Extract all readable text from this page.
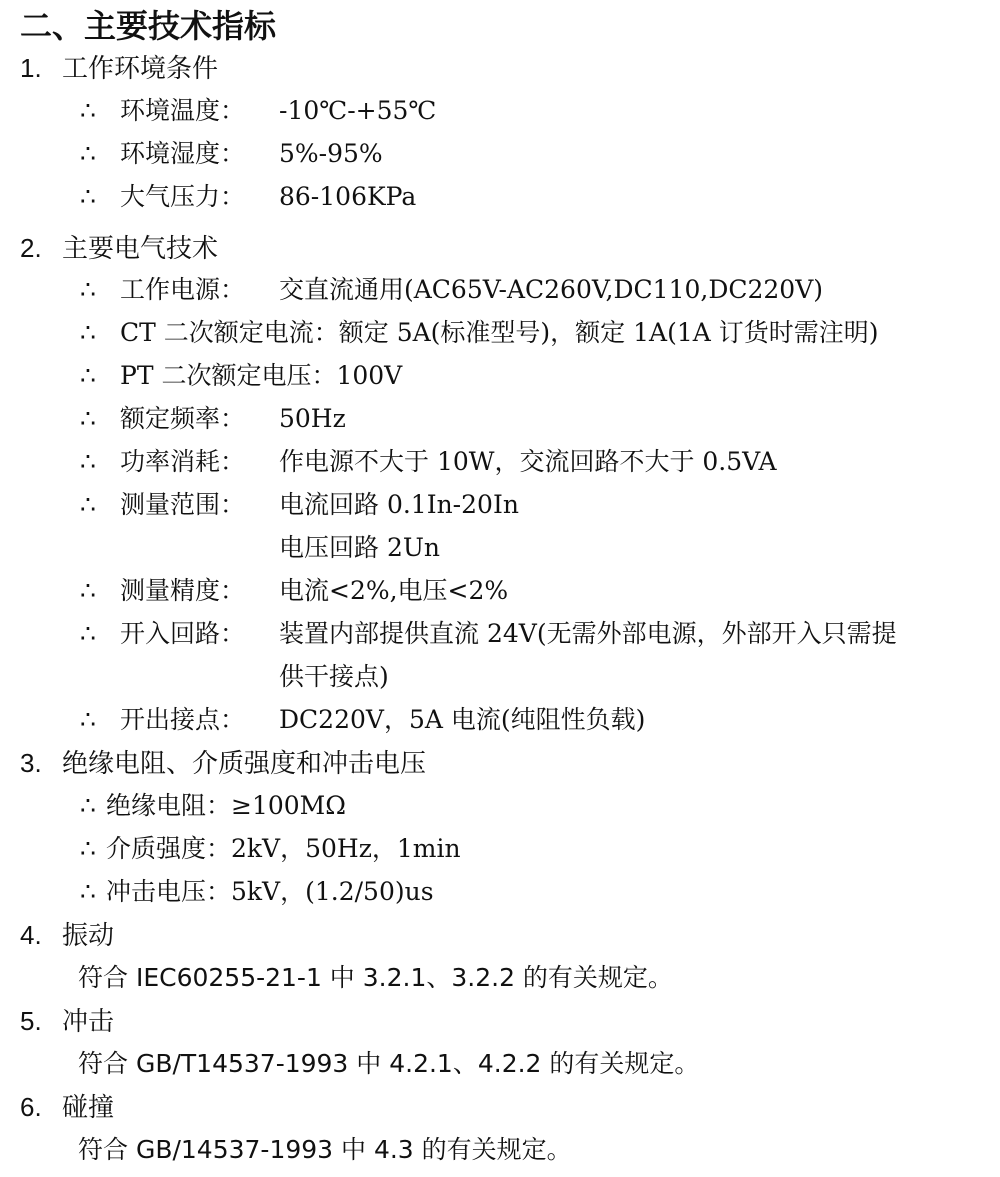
二、主要技术指标
1. 工作环境条件
∴ 环境温度： -10℃-+55℃
∴ 环境湿度： 5%-95%
∴ 大气压力： 86-106KPa
2. 主要电气技术
∴ 工作电源： 交直流通用(AC65V-AC260V,DC110,DC220V)
∴ CT 二次额定电流：额定 5A(标准型号)，额定 1A(1A 订货时需注明)
∴ PT 二次额定电压：100V
∴ 额定频率： 50Hz
∴ 功率消耗： 作电源不大于 10W，交流回路不大于 0.5VA
∴ 测量范围： 电流回路 0.1In-20In
电压回路 2Un
∴ 测量精度： 电流<2%,电压<2%
∴ 开入回路： 装置内部提供直流 24V(无需外部电源，外部开入只需提
供干接点)
∴ 开出接点： DC220V，5A 电流(纯阻性负载)
3. 绝缘电阻、介质强度和冲击电压
∴ 绝缘电阻：≥100MΩ
∴ 介质强度：2kV，50Hz，1min
∴ 冲击电压：5kV，(1.2/50)us
4. 振动
符合 IEC60255-21-1 中 3.2.1、3.2.2 的有关规定。
5. 冲击
符合 GB/T14537-1993 中 4.2.1、4.2.2 的有关规定。
6. 碰撞
符合 GB/14537-1993 中 4.3 的有关规定。
